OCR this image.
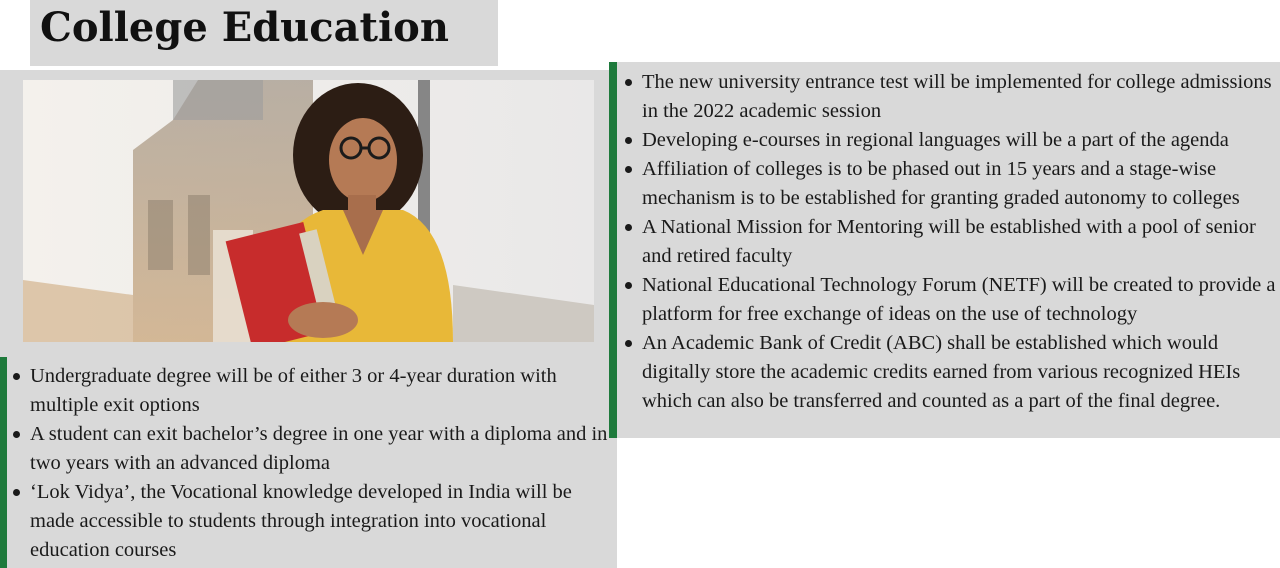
College Education
Undergraduate degree will be of either 3 or 4-year duration with multiple exit options
A student can exit bachelor’s degree in one year with a diploma and in two years with an advanced diploma
‘Lok Vidya’, the Vocational knowledge developed in India will be made accessible to students through integration into vocational education courses
The new university entrance test will be implemented for college admissions in the 2022 academic session
Developing e-courses in regional languages will be a part of the agenda
Affiliation of colleges is to be phased out in 15 years and a stage-wise mechanism is to be established for granting graded autonomy to colleges
A National Mission for Mentoring will be established with a pool of senior and retired faculty
National Educational Technology Forum (NETF) will be created to provide a platform for free exchange of ideas on the use of technology
An Academic Bank of Credit (ABC) shall be established which would digitally store the academic credits earned from various recognized HEIs which can also be transferred and counted as a part of the final degree.
